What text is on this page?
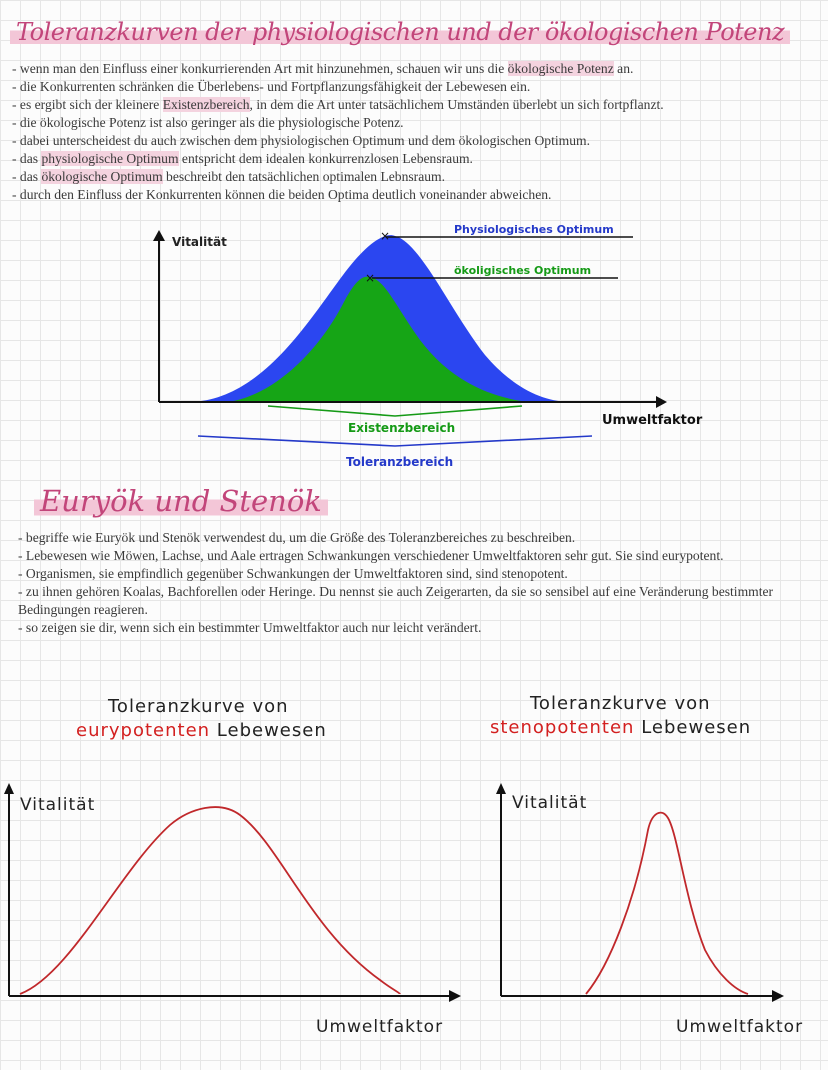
Toleranzkurven der physiologischen und der ökologischen Potenz
- wenn man den Einfluss einer konkurrierenden Art mit hinzunehmen, schauen wir uns die ökologische Potenz an.
- die Konkurrenten schränken die Überlebens- und Fortpflanzungsfähigkeit der Lebewesen ein.
- es ergibt sich der kleinere Existenzbereich, in dem die Art unter tatsächlichem Umständen überlebt un sich fortpflanzt.
- die ökologische Potenz ist also geringer als die physiologische Potenz.
- dabei unterscheidest du auch zwischen dem physiologischen Optimum und dem ökologischen Optimum.
- das physiologische Optimum entspricht dem idealen konkurrenzlosen Lebensraum.
- das ökologische Optimum beschreibt den tatsächlichen optimalen Lebnsraum.
- durch den Einfluss der Konkurrenten können die beiden Optima deutlich voneinander abweichen.
Vitalität
Umweltfaktor
×	Physiologisches Optimum
×
ökoligisches Optimum
Existenzbereich
Toleranzbereich
Euryök und Stenök
- begriffe wie Euryök und Stenök verwendest du, um die Größe des Toleranzbereiches zu beschreiben.
- Lebewesen wie Möwen, Lachse, und Aale ertragen Schwankungen verschiedener Umweltfaktoren sehr gut. Sie sind eurypotent.
- Organismen, sie empfindlich gegenüber Schwankungen der Umweltfaktoren sind, sind stenopotent.
- zu ihnen gehören Koalas, Bachforellen oder Heringe. Du nennst sie auch Zeigerarten, da sie so sensibel auf eine Veränderung bestimmter Bedingungen reagieren.
- so zeigen sie dir, wenn sich ein bestimmter Umweltfaktor auch nur leicht verändert.
Toleranzkurve von
eurypotenten Lebewesen
Toleranzkurve von
stenopotenten Lebewesen
Vitalität
Umweltfaktor
Vitalität
Umweltfaktor
